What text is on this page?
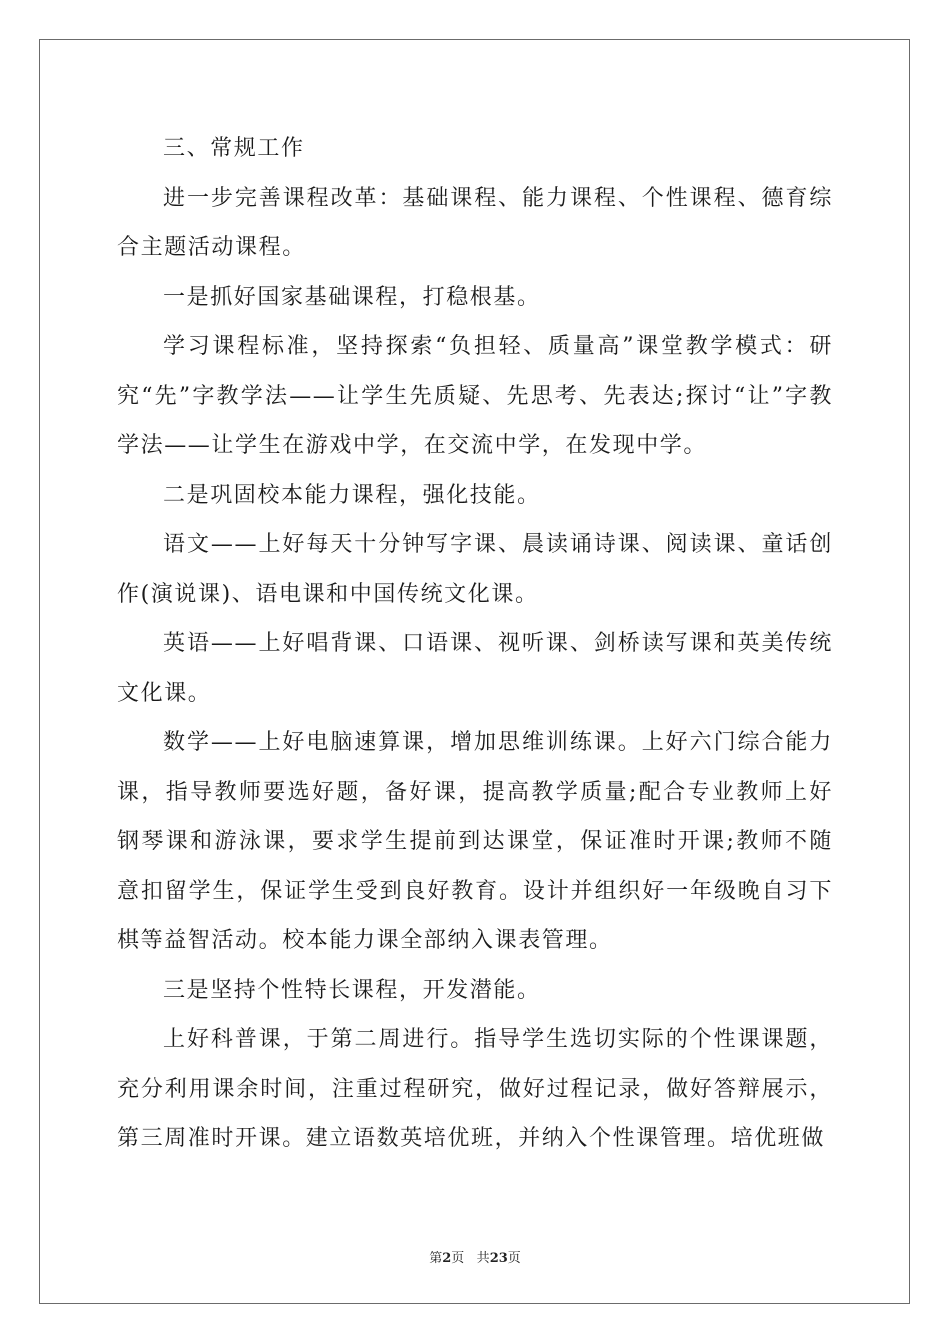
三、常规工作

进一步完善课程改革：基础课程、能力课程、个性课程、德育综合主题活动课程。

一是抓好国家基础课程，打稳根基。

学习课程标准，坚持探索“负担轻、质量高”课堂教学模式：研究“先”字教学法——让学生先质疑、先思考、先表达;探讨“让”字教学法——让学生在游戏中学，在交流中学，在发现中学。

二是巩固校本能力课程，强化技能。

语文——上好每天十分钟写字课、晨读诵诗课、阅读课、童话创作(演说课)、语电课和中国传统文化课。

英语——上好唱背课、口语课、视听课、剑桥读写课和英美传统文化课。

数学——上好电脑速算课，增加思维训练课。上好六门综合能力课，指导教师要选好题，备好课，提高教学质量;配合专业教师上好钢琴课和游泳课，要求学生提前到达课堂，保证准时开课;教师不随意扣留学生，保证学生受到良好教育。设计并组织好一年级晚自习下棋等益智活动。校本能力课全部纳入课表管理。

三是坚持个性特长课程，开发潜能。

上好科普课，于第二周进行。指导学生选切实际的个性课课题，充分利用课余时间，注重过程研究，做好过程记录，做好答辩展示，第三周准时开课。建立语数英培优班，并纳入个性课管理。培优班做

第2页 共23页
